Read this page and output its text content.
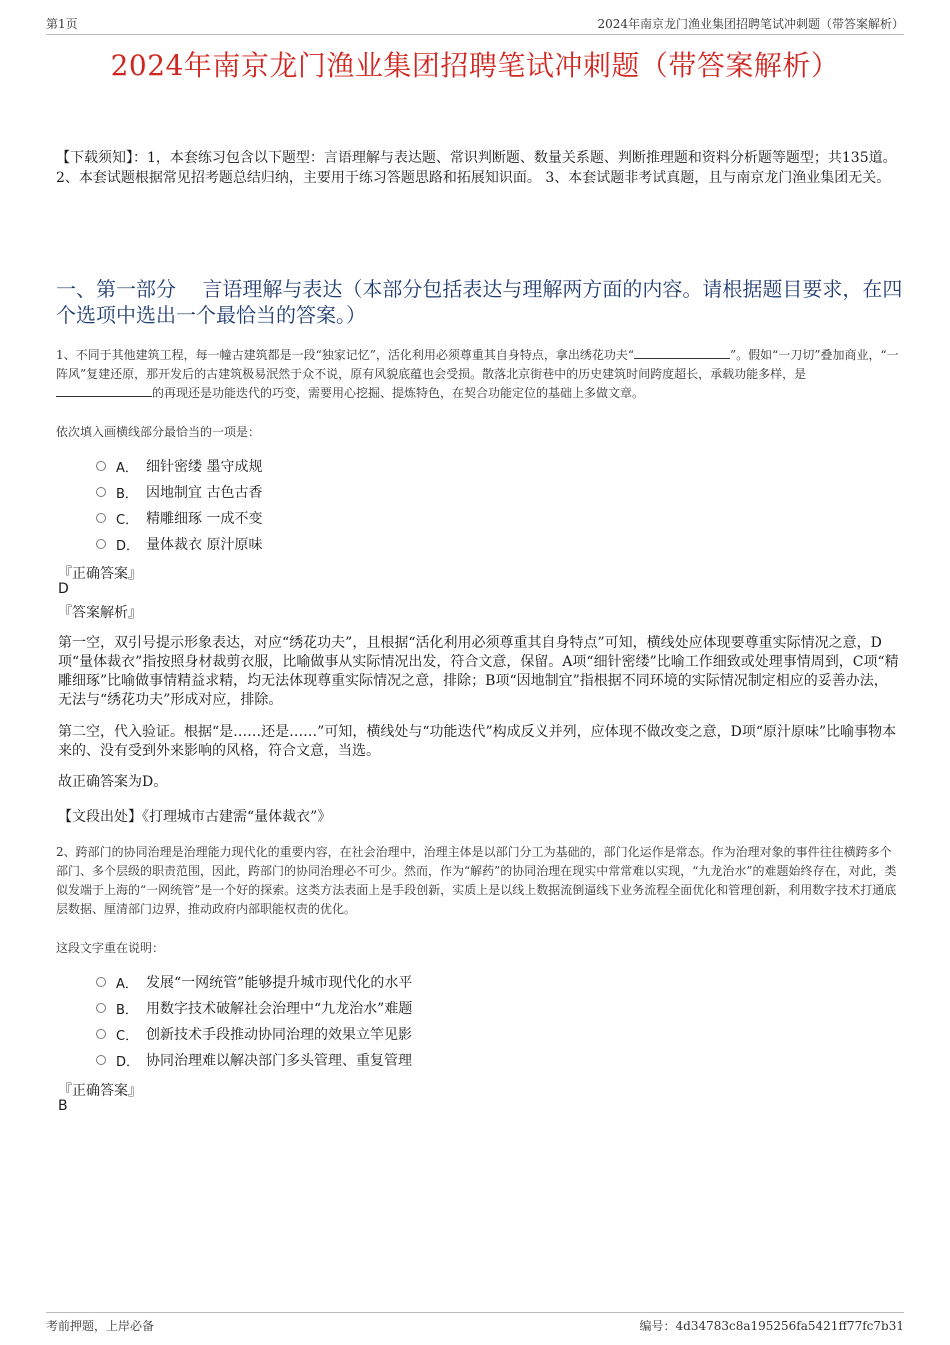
第1页	2024年南京龙门渔业集团招聘笔试冲刺题（带答案解析）
2024年南京龙门渔业集团招聘笔试冲刺题（带答案解析）
【下载须知】：1，本套练习包含以下题型：言语理解与表达题、常识判断题、数量关系题、判断推理题和资料分析题等题型；共135道。 2、本套试题根据常见招考题总结归纳，主要用于练习答题思路和拓展知识面。 3、本套试题非考试真题，且与南京龙门渔业集团无关。
一、第一部分　 言语理解与表达（本部分包括表达与理解两方面的内容。请根据题目要求，在四个选项中选出一个最恰当的答案。）
1、不同于其他建筑工程，每一幢古建筑都是一段“独家记忆”，活化利用必须尊重其自身特点，拿出绣花功夫“	”。假如“一刀切”叠加商业，“一阵风”复建还原，那开发后的古建筑极易泯然于众不说，原有风貌底蕴也会受损。散落北京街巷中的历史建筑时间跨度超长，承载功能多样，是的再现还是功能迭代的巧变，需要用心挖掘、提炼特色，在契合功能定位的基础上多做文章。
依次填入画横线部分最恰当的一项是：
A． 细针密缕 墨守成规
B． 因地制宜 古色古香
C． 精雕细琢 一成不变
D． 量体裁衣 原汁原味
『正确答案』
D
『答案解析』
第一空，双引号提示形象表达，对应“绣花功夫”，且根据“活化利用必须尊重其自身特点”可知，横线处应体现要尊重实际情况之意，D项“量体裁衣”指按照身材裁剪衣服，比喻做事从实际情况出发，符合文意，保留。A项“细针密缕”比喻工作细致或处理事情周到，C项“精雕细琢”比喻做事情精益求精，均无法体现尊重实际情况之意，排除；B项“因地制宜”指根据不同环境的实际情况制定相应的妥善办法，无法与“绣花功夫”形成对应，排除。
第二空，代入验证。根据“是……还是……”可知，横线处与“功能迭代”构成反义并列，应体现不做改变之意，D项“原汁原味”比喻事物本来的、没有受到外来影响的风格，符合文意，当选。
故正确答案为D。
【文段出处】《打理城市古建需“量体裁衣”》
2、跨部门的协同治理是治理能力现代化的重要内容，在社会治理中，治理主体是以部门分工为基础的，部门化运作是常态。作为治理对象的事件往往横跨多个部门、多个层级的职责范围，因此，跨部门的协同治理必不可少。然而，作为“解药”的协同治理在现实中常常难以实现，“九龙治水”的难题始终存在，对此，类似发端于上海的“一网统管”是一个好的探索。这类方法表面上是手段创新，实质上是以线上数据流倒逼线下业务流程全面优化和管理创新，利用数字技术打通底层数据、厘清部门边界，推动政府内部职能权责的优化。
这段文字重在说明：
A． 发展“一网统管”能够提升城市现代化的水平
B． 用数字技术破解社会治理中“九龙治水”难题
C． 创新技术手段推动协同治理的效果立竿见影
D． 协同治理难以解决部门多头管理、重复管理
『正确答案』
B
考前押题，上岸必备	编号：4d34783c8a195256fa5421ff77fc7b31
